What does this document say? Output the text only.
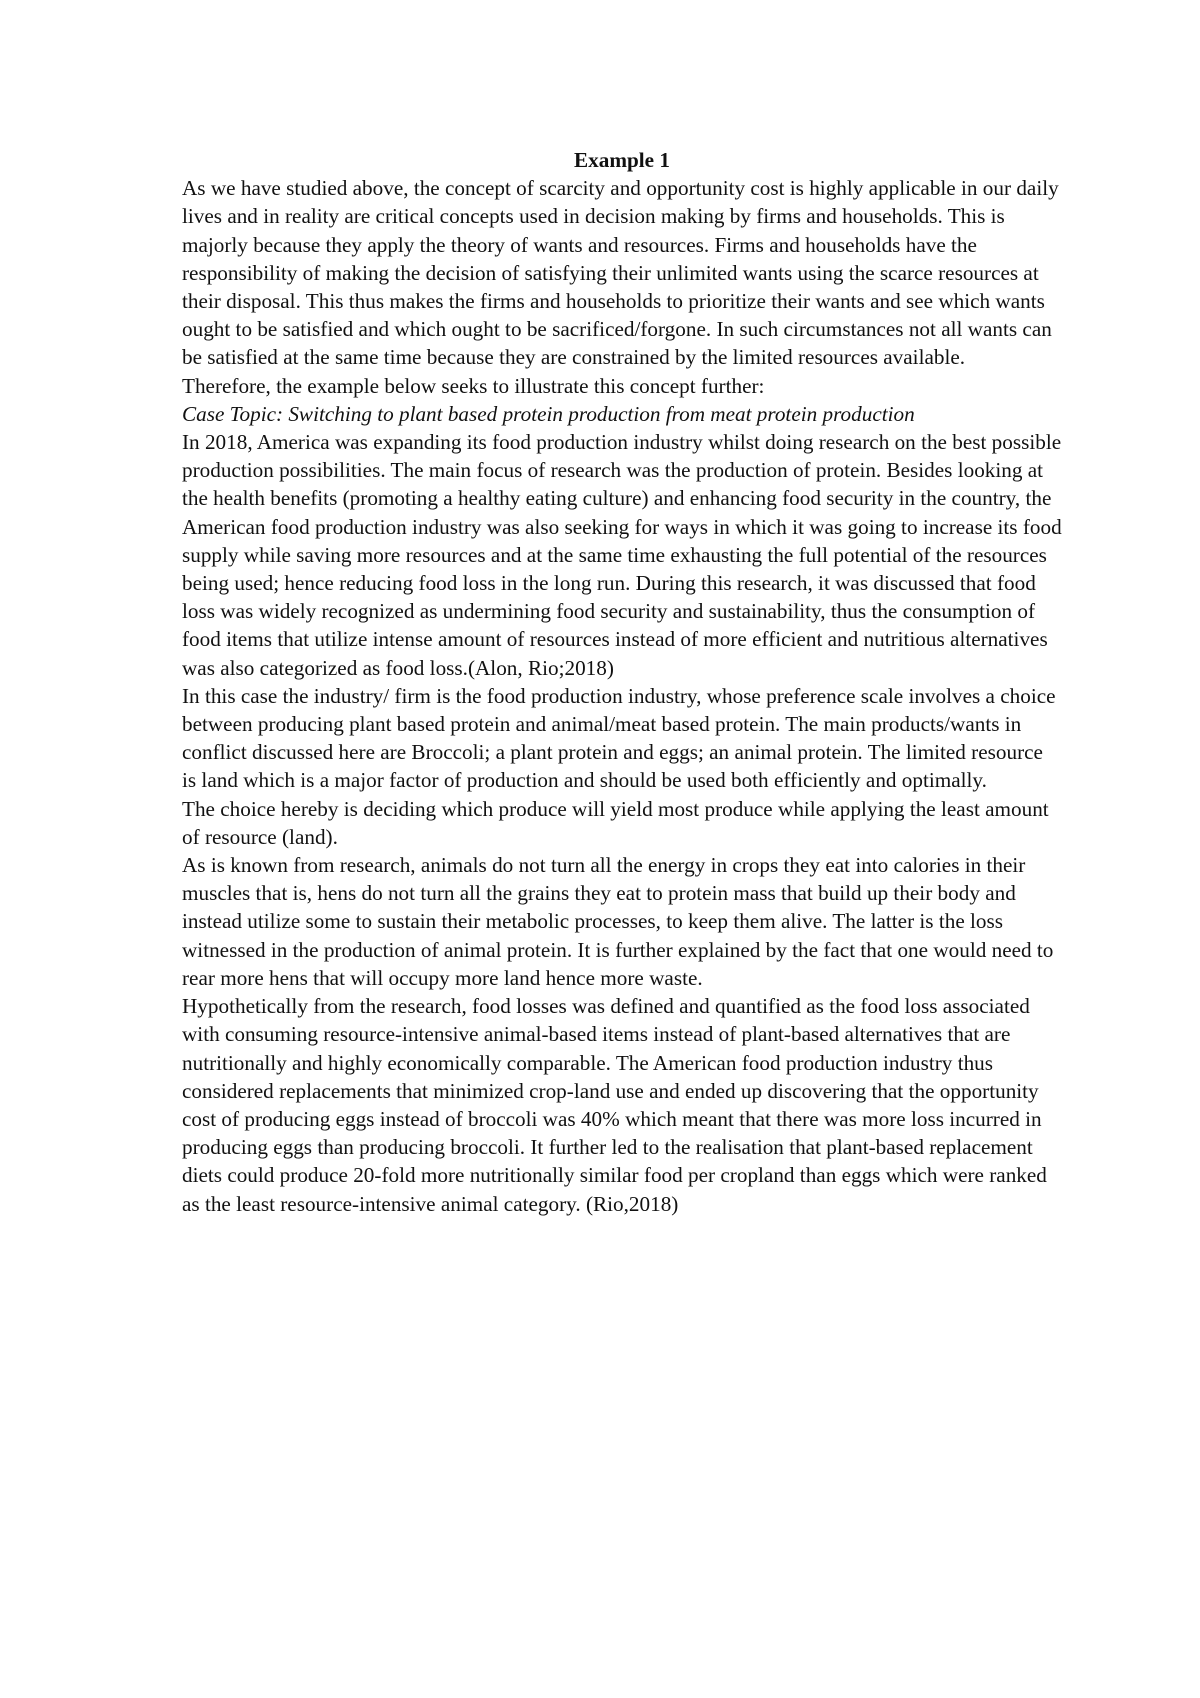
Example 1

As we have studied above, the concept of scarcity and opportunity cost is highly applicable in our daily lives and in reality are critical concepts used in decision making by firms and households. This is majorly because they apply the theory of wants and resources. Firms and households have the responsibility of making the decision of satisfying their unlimited wants using the scarce resources at their disposal. This thus makes the firms and households to prioritize their wants and see which wants ought to be satisfied and which ought to be sacrificed/forgone. In such circumstances not all wants can be satisfied at the same time because they are constrained by the limited resources available.

Therefore, the example below seeks to illustrate this concept further:

Case Topic: Switching to plant based protein production from meat protein production

In 2018, America was expanding its food production industry whilst doing research on the best possible production possibilities. The main focus of research was the production of protein. Besides looking at the health benefits (promoting a healthy eating culture) and enhancing food security in the country, the American food production industry was also seeking for ways in which it was going to increase its food supply while saving more resources and at the same time exhausting the full potential of the resources being used; hence reducing food loss in the long run. During this research, it was discussed that food loss was widely recognized as undermining food security and sustainability, thus the consumption of food items that utilize intense amount of resources instead of more efficient and nutritious alternatives was also categorized as food loss.(Alon, Rio;2018)

In this case the industry/ firm is the food production industry, whose preference scale involves a choice between producing plant based protein and animal/meat based protein. The main products/wants in conflict discussed here are Broccoli; a plant protein and eggs; an animal protein. The limited resource is land which is a major factor of production and should be used both efficiently and optimally.

The choice hereby is deciding which produce will yield most produce while applying the least amount of resource (land).

As is known from research, animals do not turn all the energy in crops they eat into calories in their muscles that is, hens do not turn all the grains they eat to protein mass that build up their body and instead utilize some to sustain their metabolic processes, to keep them alive. The latter is the loss witnessed in the production of animal protein. It is further explained by the fact that one would need to rear more hens that will occupy more land hence more waste.

Hypothetically from the research, food losses was defined and quantified as the food loss associated with consuming resource-intensive animal-based items instead of plant-based alternatives that are nutritionally and highly economically comparable. The American food production industry thus considered replacements that minimized crop-land use and ended up discovering that the opportunity cost of producing eggs instead of broccoli was 40% which meant that there was more loss incurred in producing eggs than producing broccoli. It further led to the realisation that plant-based replacement diets could produce 20-fold more nutritionally similar food per cropland than eggs which were ranked as the least resource-intensive animal category. (Rio,2018)
